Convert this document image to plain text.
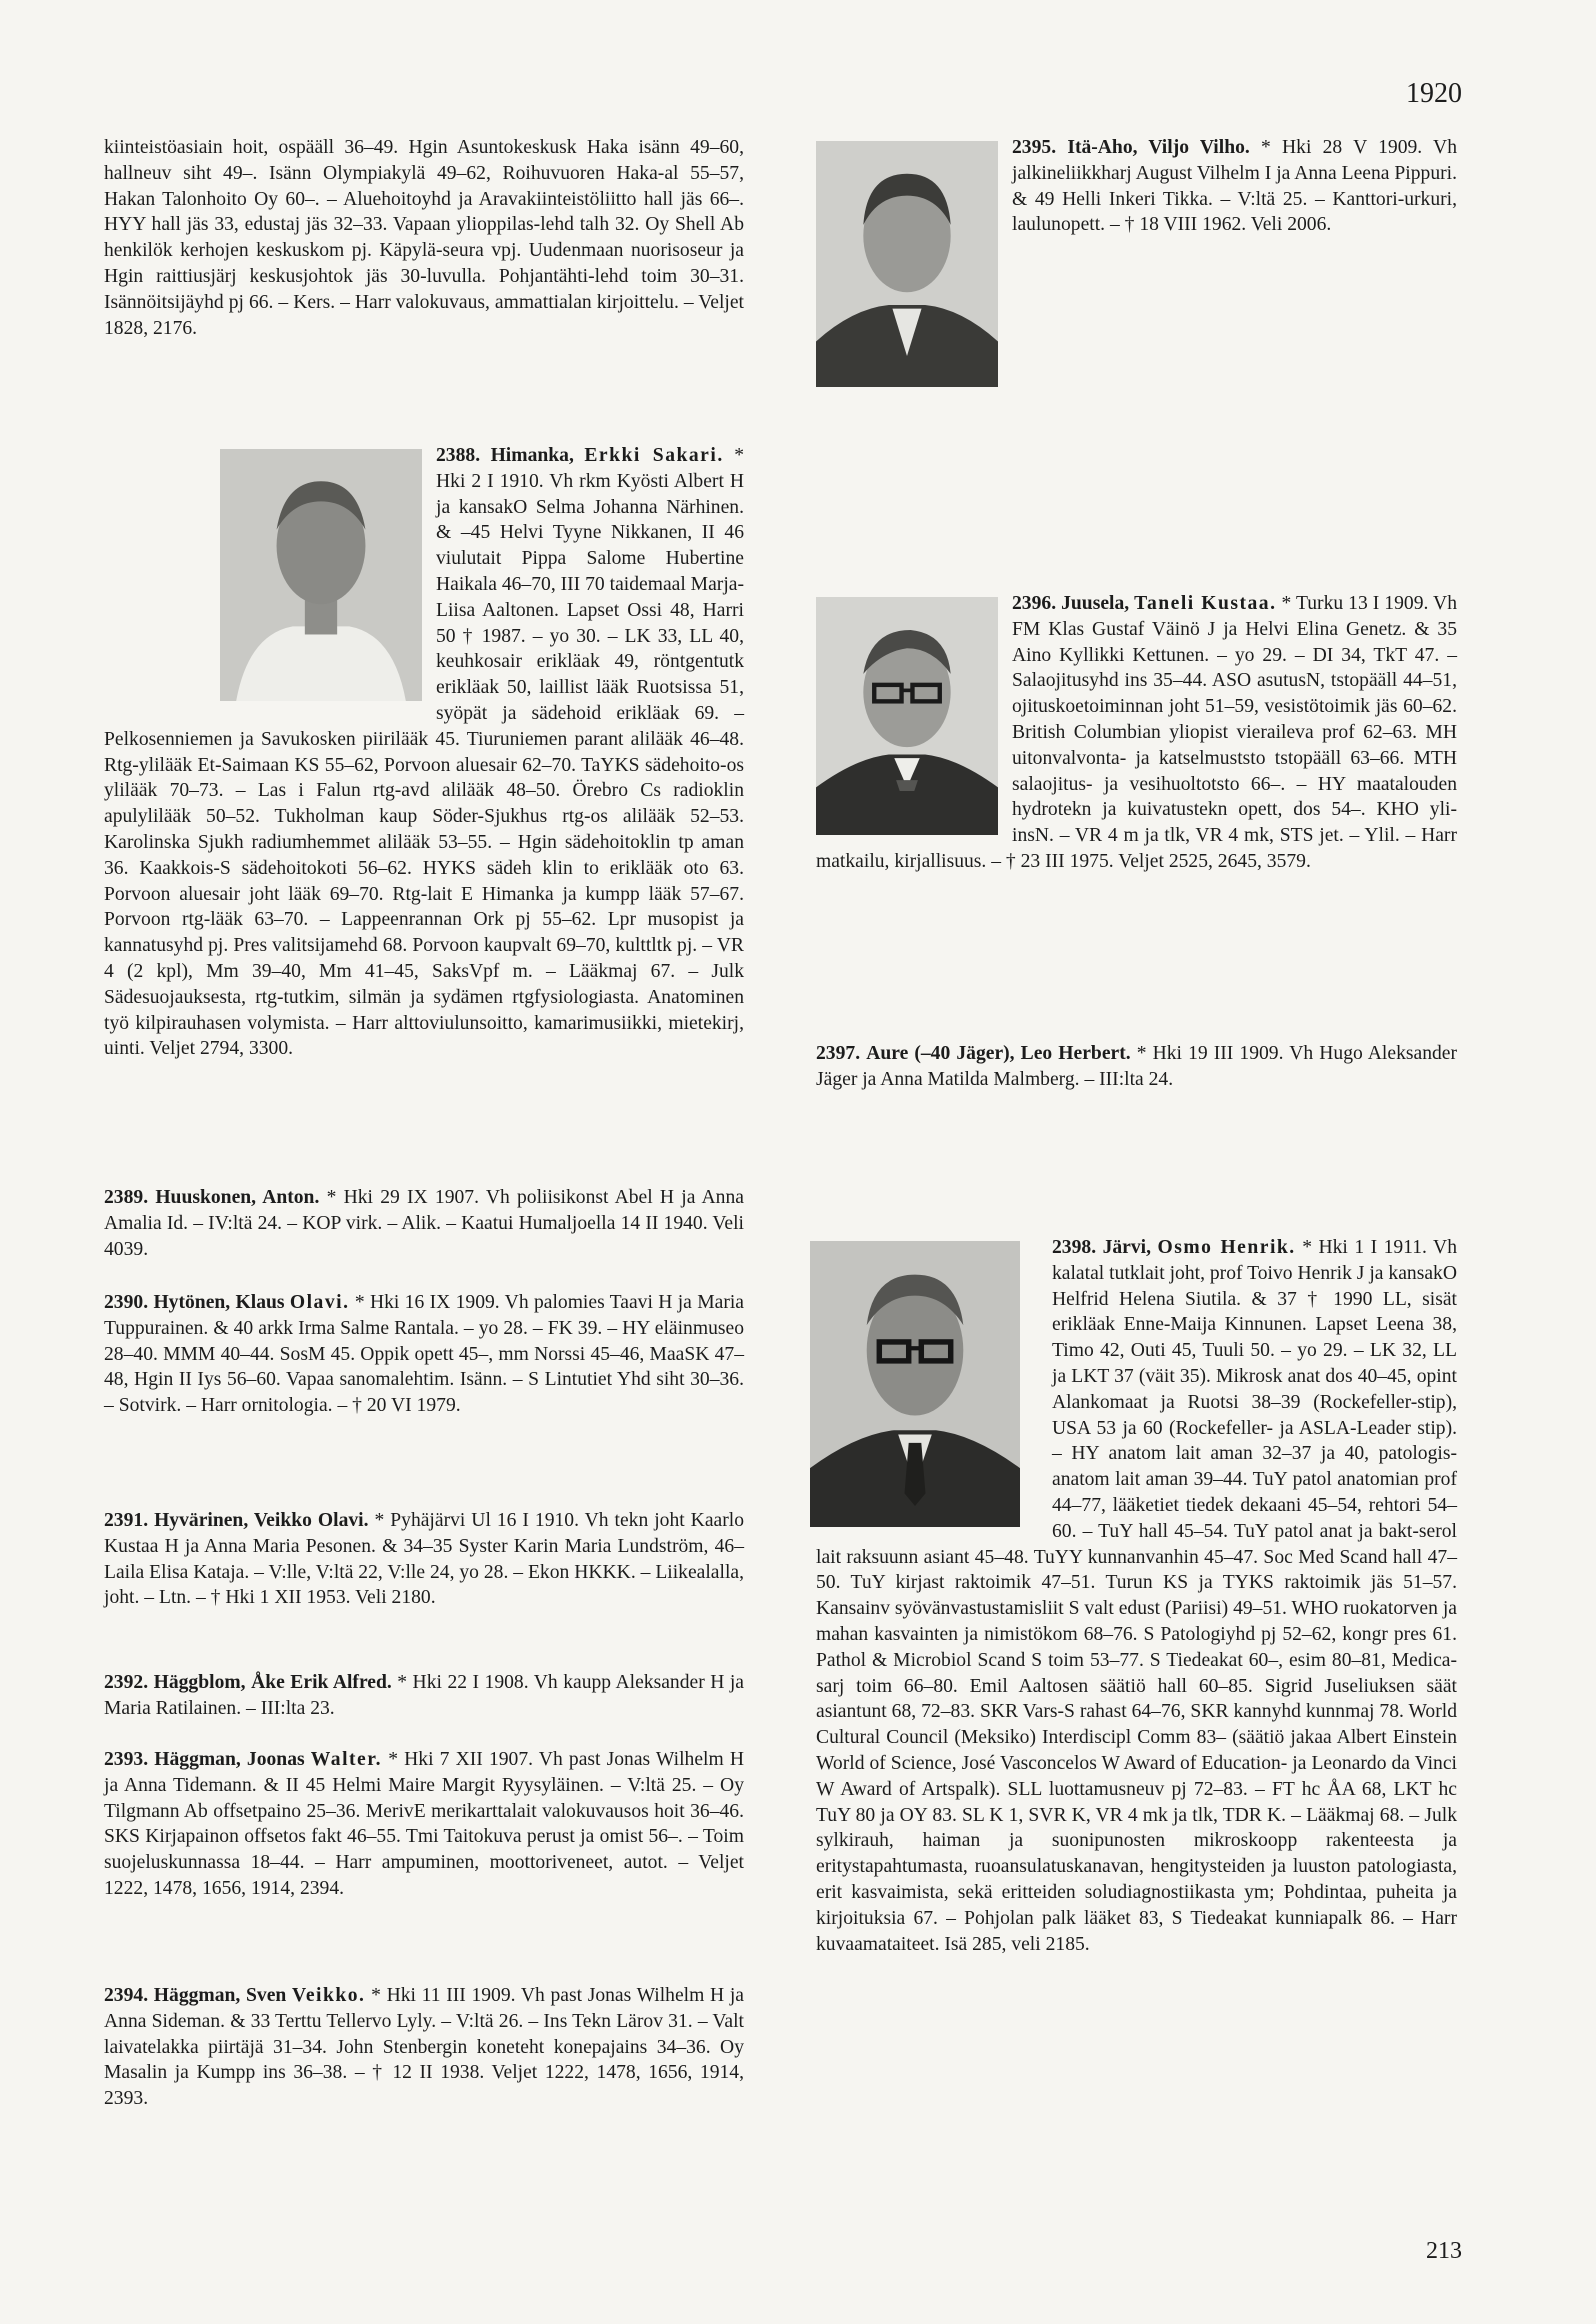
1920

kiinteistöasiain hoit, ospääll 36–49. Hgin Asuntokeskusk Haka isänn 49–60, hallneuv siht 49–. Isänn Olympiakylä 49–62, Roihuvuoren Haka-al 55–57, Hakan Talonhoito Oy 60–. – Aluehoitoyhd ja Aravakiinteistöliitto hall jäs 66–. HYY hall jäs 33, edustaj jäs 32–33. Vapaan ylioppilas-lehd talh 32. Oy Shell Ab henkilök kerhojen keskuskom pj. Käpylä-seura vpj. Uudenmaan nuorisoseur ja Hgin raittiusjärj keskusjohtok jäs 30-luvulla. Pohjantähti-lehd toim 30–31. Isännöitsijäyhd pj 66. – Kers. – Harr valokuvaus, ammattialan kirjoittelu. – Veljet 1828, 2176.

2388. Himanka, Erkki Sakari. * Hki 2 I 1910. Vh rkm Kyösti Albert H ja kansakO Selma Johanna Närhinen. & –45 Helvi Tyyne Nikkanen, II 46 viulutait Pippa Salome Hubertine Haikala 46–70, III 70 taidemaal Marja-Liisa Aaltonen. Lapset Ossi 48, Harri 50 † 1987. – yo 30. – LK 33, LL 40, keuhkosair erikläak 49, röntgentutk erikläak 50, laillist lääk Ruotsissa 51, syöpät ja sädehoid erikläak 69. – Pelkosenniemen ja Savukosken piirilääk 45. Tiuruniemen parant alilääk 46–48. Rtg-ylilääk Et-Saimaan KS 55–62, Porvoon aluesair 62–70. TaYKS sädehoito-os ylilääk 70–73. – Las i Falun rtg-avd alilääk 48–50. Örebro Cs radioklin apulylilääk 50–52. Tukholman kaup Söder-Sjukhus rtg-os alilääk 52–53. Karolinska Sjukh radiumhemmet alilääk 53–55. – Hgin sädehoitoklin tp aman 36. Kaakkois-S sädehoitokoti 56–62. HYKS sädeh klin to eriklääk oto 63. Porvoon aluesair joht lääk 69–70. Rtg-lait E Himanka ja kumpp lääk 57–67. Porvoon rtg-lääk 63–70. – Lappeenrannan Ork pj 55–62. Lpr musopist ja kannatusyhd pj. Pres valitsijamehd 68. Porvoon kaupvalt 69–70, kulttltk pj. – VR 4 (2 kpl), Mm 39–40, Mm 41–45, SaksVpf m. – Lääkmaj 67. – Julk Sädesuojauksesta, rtg-tutkim, silmän ja sydämen rtgfysiologiasta. Anatominen työ kilpirauhasen volymista. – Harr alttoviulunsoitto, kamarimusiikki, mietekirj, uinti. Veljet 2794, 3300.

2389. Huuskonen, Anton. * Hki 29 IX 1907. Vh poliisikonst Abel H ja Anna Amalia Id. – IV:ltä 24. – KOP virk. – Alik. – Kaatui Humaljoella 14 II 1940. Veli 4039.

2390. Hytönen, Klaus Olavi. * Hki 16 IX 1909. Vh palomies Taavi H ja Maria Tuppurainen. & 40 arkk Irma Salme Rantala. – yo 28. – FK 39. – HY eläinmuseo 28–40. MMM 40–44. SosM 45. Oppik opett 45–, mm Norssi 45–46, MaaSK 47–48, Hgin II Iys 56–60. Vapaa sanomalehtim. Isänn. – S Lintutiet Yhd siht 30–36. – Sotvirk. – Harr ornitologia. – † 20 VI 1979.

2391. Hyvärinen, Veikko Olavi. * Pyhäjärvi Ul 16 I 1910. Vh tekn joht Kaarlo Kustaa H ja Anna Maria Pesonen. & 34–35 Syster Karin Maria Lundström, 46– Laila Elisa Kataja. – V:lle, V:ltä 22, V:lle 24, yo 28. – Ekon HKKK. – Liikealalla, joht. – Ltn. – † Hki 1 XII 1953. Veli 2180.

2392. Häggblom, Åke Erik Alfred. * Hki 22 I 1908. Vh kaupp Aleksander H ja Maria Ratilainen. – III:lta 23.

2393. Häggman, Joonas Walter. * Hki 7 XII 1907. Vh past Jonas Wilhelm H ja Anna Tidemann. & II 45 Helmi Maire Margit Ryysyläinen. – V:ltä 25. – Oy Tilgmann Ab offsetpaino 25–36. MerivE merikarttalait valokuvausos hoit 36–46. SKS Kirjapainon offsetos fakt 46–55. Tmi Taitokuva perust ja omist 56–. – Toim suojeluskunnassa 18–44. – Harr ampuminen, moottoriveneet, autot. – Veljet 1222, 1478, 1656, 1914, 2394.

2394. Häggman, Sven Veikko. * Hki 11 III 1909. Vh past Jonas Wilhelm H ja Anna Sideman. & 33 Terttu Tellervo Lyly. – V:ltä 26. – Ins Tekn Lärov 31. – Valt laivatelakka piirtäjä 31–34. John Stenbergin koneteht konepajains 34–36. Oy Masalin ja Kumpp ins 36–38. – † 12 II 1938. Veljet 1222, 1478, 1656, 1914, 2393.

2395. Itä-Aho, Viljo Vilho. * Hki 28 V 1909. Vh jalkineliikkharj August Vilhelm I ja Anna Leena Pippuri. & 49 Helli Inkeri Tikka. – V:ltä 25. – Kanttori-urkuri, laulunopett. – † 18 VIII 1962. Veli 2006.

2396. Juusela, Taneli Kustaa. * Turku 13 I 1909. Vh FM Klas Gustaf Väinö J ja Helvi Elina Genetz. & 35 Aino Kyllikki Kettunen. – yo 29. – DI 34, TkT 47. – Salaojitusyhd ins 35–44. ASO asutusN, tstopääll 44–51, ojituskoetoiminnan joht 51–59, vesistötoimik jäs 60–62. British Columbian yliopist vieraileva prof 62–63. MH uitonvalvonta- ja katselmuststo tstopääll 63–66. MTH salaojitus- ja vesihuoltotsto 66–. – HY maatalouden hydrotekn ja kuivatustekn opett, dos 54–. KHO yli-insN. – VR 4 m ja tlk, VR 4 mk, STS jet. – Ylil. – Harr matkailu, kirjallisuus. – † 23 III 1975. Veljet 2525, 2645, 3579.

2397. Aure (–40 Jäger), Leo Herbert. * Hki 19 III 1909. Vh Hugo Aleksander Jäger ja Anna Matilda Malmberg. – III:lta 24.

2398. Järvi, Osmo Henrik. * Hki 1 I 1911. Vh kalatal tutklait joht, prof Toivo Henrik J ja kansakO Helfrid Helena Siutila. & 37 † 1990 LL, sisät erikläak Enne-Maija Kinnunen. Lapset Leena 38, Timo 42, Outi 45, Tuuli 50. – yo 29. – LK 32, LL ja LKT 37 (väit 35). Mikrosk anat dos 40–45, opint Alankomaat ja Ruotsi 38–39 (Rockefeller-stip), USA 53 ja 60 (Rockefeller- ja ASLA-Leader stip). – HY anatom lait aman 32–37 ja 40, patologis-anatom lait aman 39–44. TuY patol anatomian prof 44–77, lääketiet tiedek dekaani 45–54, rehtori 54–60. – TuY hall 45–54. TuY patol anat ja bakt-serol lait raksuunn asiant 45–48. TuYY kunnanvanhin 45–47. Soc Med Scand hall 47–50. TuY kirjast raktoimik 47–51. Turun KS ja TYKS raktoimik jäs 51–57. Kansainv syövänvastustamisliit S valt edust (Pariisi) 49–51. WHO ruokatorven ja mahan kasvainten ja nimistökom 68–76. S Patologiyhd pj 52–62, kongr pres 61. Pathol & Microbiol Scand S toim 53–77. S Tiedeakat 60–, esim 80–81, Medica-sarj toim 66–80. Emil Aaltosen säätiö hall 60–85. Sigrid Juseliuksen säät asiantunt 68, 72–83. SKR Vars-S rahast 64–76, SKR kannyhd kunnmaj 78. World Cultural Council (Meksiko) Interdiscipl Comm 83– (säätiö jakaa Albert Einstein World of Science, José Vasconcelos W Award of Education- ja Leonardo da Vinci W Award of Artspalk). SLL luottamusneuv pj 72–83. – FT hc ÅA 68, LKT hc TuY 80 ja OY 83. SL K 1, SVR K, VR 4 mk ja tlk, TDR K. – Lääkmaj 68. – Julk sylkirauh, haiman ja suonipunosten mikroskoopp rakenteesta ja eritystapahtumasta, ruoansulatuskanavan, hengitysteiden ja luuston patologiasta, erit kasvaimista, sekä eritteiden soludiagnostiikasta ym; Pohdintaa, puheita ja kirjoituksia 67. – Pohjolan palk lääket 83, S Tiedeakat kunniapalk 86. – Harr kuvaamataiteet. Isä 285, veli 2185.

213
